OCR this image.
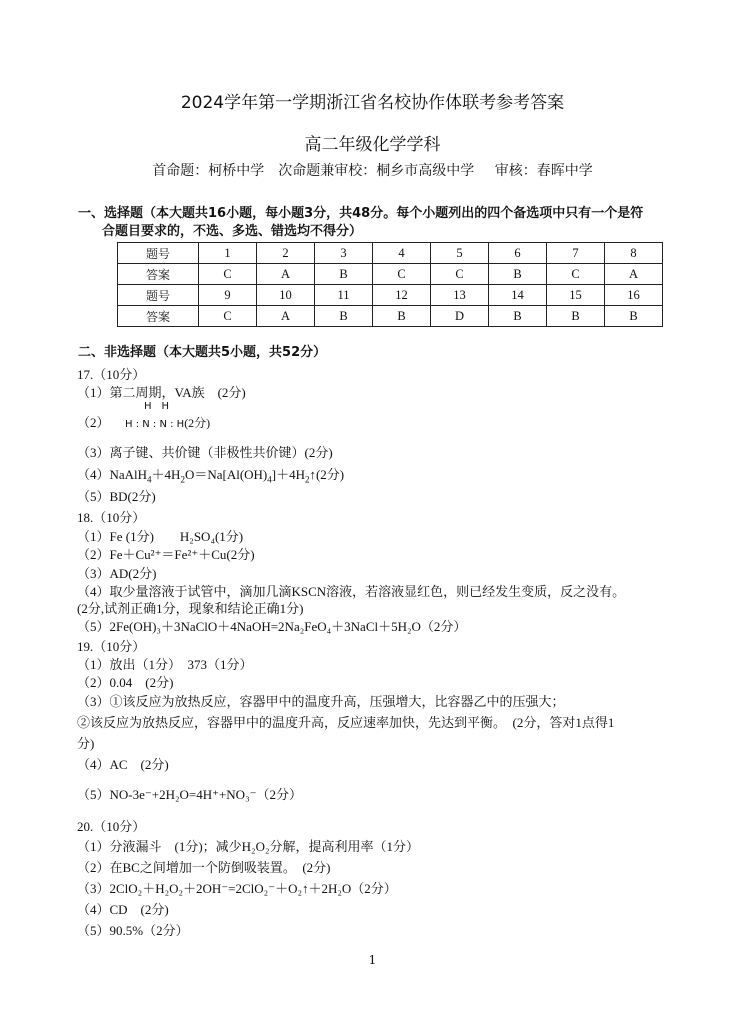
2024学年第一学期浙江省名校协作体联考参考答案
高二年级化学学科
首命题：柯桥中学　次命题兼审校：桐乡市高级中学　 审核：春晖中学
一、选择题（本大题共16小题，每小题3分，共48分。每个小题列出的四个备选项中只有一个是符
合题目要求的，不选、多选、错选均不得分）
题号	1	2	3	4	5	6	7	8
答案	C	A	B	C	C	B	C	A
题号	9	10	11	12	13	14	15	16
答案	C	A	B	B	D	B	B	B
二、非选择题（本大题共5小题，共52分）
17.（10分）
（1）第二周期，VA族　(2分)
（2）
H　H
H : N : N : H(2分)
（3）离子键、共价键（非极性共价键）(2分)
$(4)NaAlH_4+4H_2O=Na[Al(OH)_4]+4H_2↑(2$分)
（5）BD(2分)
18.（10分）
（1）Fe (1分)　　H₂SO₄(1分)
（2）Fe＋Cu²⁺＝Fe²⁺＋Cu(2分)
（3）AD(2分)
（4）取少量溶液于试管中，滴加几滴KSCN溶液，若溶液显红色，则已经发生变质，反之没有。
(2分,试剂正确1分，现象和结论正确1分)
（5）2Fe(OH)₃＋3NaClO＋4NaOH=2Na₂FeO₄＋3NaCl＋5H₂O（2分）
19.（10分）
（1）放出（1分）　373（1分）
（2）0.04　(2分)
（3）①该反应为放热反应，容器甲中的温度升高，压强增大，比容器乙中的压强大；
②该反应为放热反应，容器甲中的温度升高，反应速率加快，先达到平衡。　(2分，答对1点得1
分)
（4）AC　(2分)
（5）NO-3e⁻+2H₂O=4H⁺+NO₃⁻（2分）
20.（10分）
（1）分液漏斗　(1分)；减少H₂O₂分解，提高利用率（1分）
（2）在BC之间增加一个防倒吸装置。　(2分)
（3）2ClO₂＋H₂O₂＋2OH⁻=2ClO₂⁻＋O₂↑＋2H₂O（2分）
（4）CD　(2分)
（5）90.5%（2分）
1
